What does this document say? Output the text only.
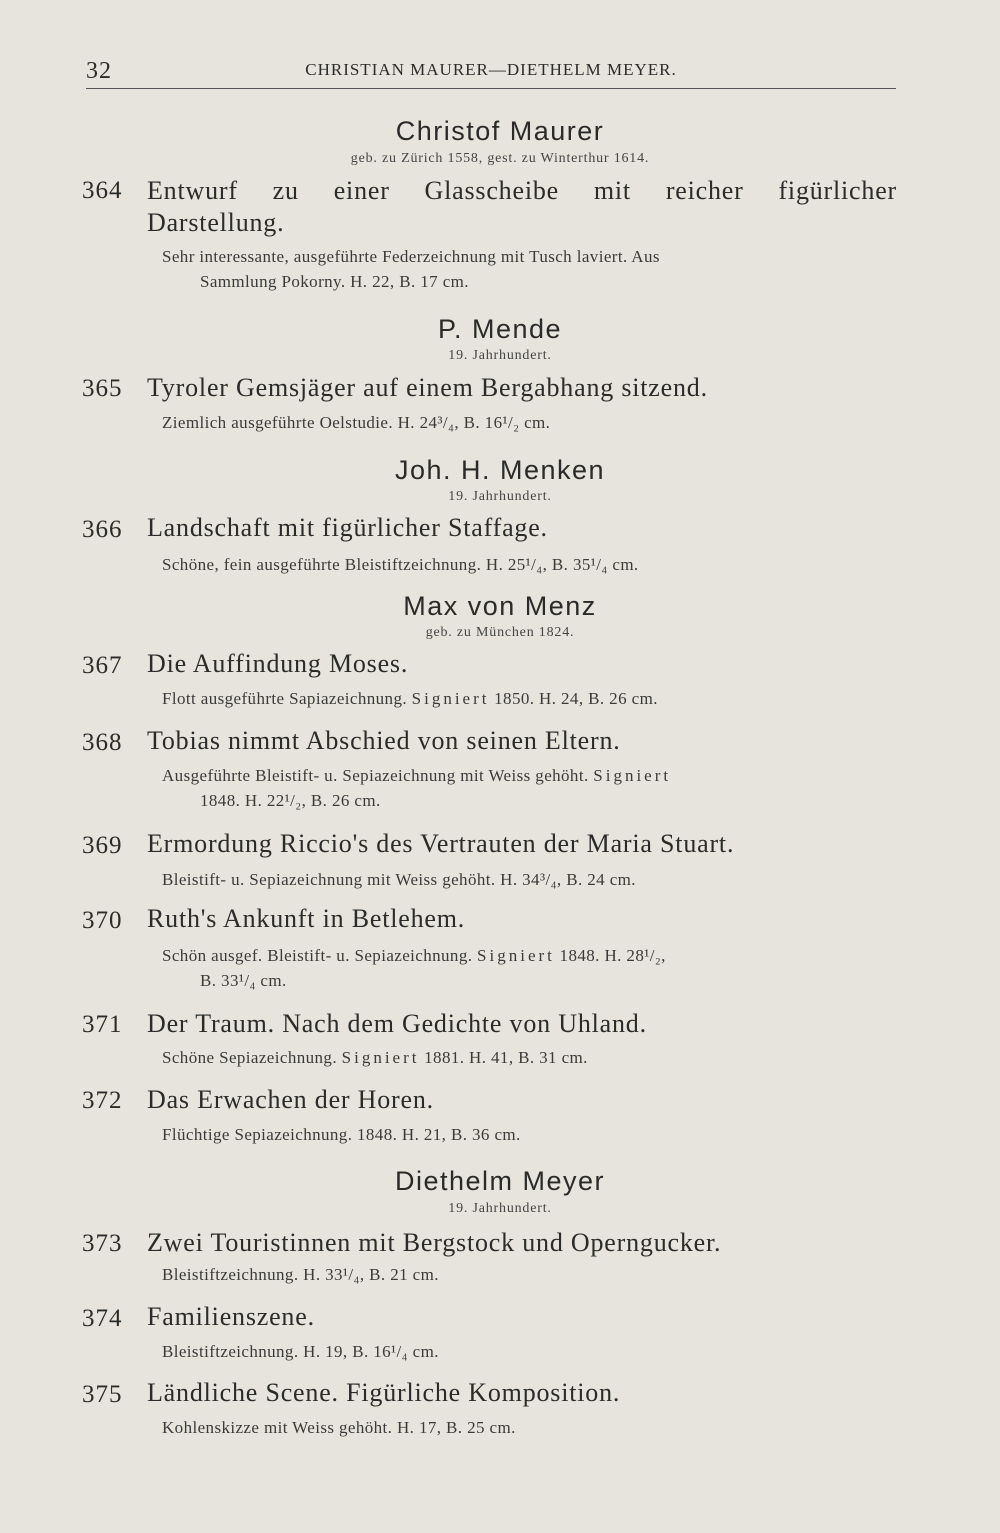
32	CHRISTIAN MAURER—DIETHELM MEYER.
Christof Maurer
geb. zu Zürich 1558, gest. zu Winterthur 1614.
364 Entwurf zu einer Glasscheibe mit reicher figürlicher
Darstellung.
Sehr interessante, ausgeführte Federzeichnung mit Tusch laviert. Aus
Sammlung Pokorny. H. 22, B. 17 cm.
P. Mende
19. Jahrhundert.
365 Tyroler Gemsjäger auf einem Bergabhang sitzend.
Ziemlich ausgeführte Oelstudie. H. 24³/₄, B. 16¹/₂ cm.
Joh. H. Menken
19. Jahrhundert.
366 Landschaft mit figürlicher Staffage.
Schöne, fein ausgeführte Bleistiftzeichnung. H. 25¹/₄, B. 35¹/₄ cm.
Max von Menz
geb. zu München 1824.
367 Die Auffindung Moses.
Flott ausgeführte Sapiazeichnung. Signiert 1850. H. 24, B. 26 cm.
368 Tobias nimmt Abschied von seinen Eltern.
Ausgeführte Bleistift- u. Sepiazeichnung mit Weiss gehöht. Signiert
1848. H. 22¹/₂, B. 26 cm.
369 Ermordung Riccio's des Vertrauten der Maria Stuart.
Bleistift- u. Sepiazeichnung mit Weiss gehöht. H. 34³/₄, B. 24 cm.
370 Ruth's Ankunft in Betlehem.
Schön ausgef. Bleistift- u. Sepiazeichnung. Signiert 1848. H. 28¹/₂,
B. 33¹/₄ cm.
371 Der Traum. Nach dem Gedichte von Uhland.
Schöne Sepiazeichnung. Signiert 1881. H. 41, B. 31 cm.
372 Das Erwachen der Horen.
Flüchtige Sepiazeichnung. 1848. H. 21, B. 36 cm.
Diethelm Meyer
19. Jahrhundert.
373 Zwei Touristinnen mit Bergstock und Operngucker.
Bleistiftzeichnung. H. 33¹/₄, B. 21 cm.
374 Familienszene.
Bleistiftzeichnung. H. 19, B. 16¹/₄ cm.
375 Ländliche Scene. Figürliche Komposition.
Kohlenskizze mit Weiss gehöht. H. 17, B. 25 cm.
